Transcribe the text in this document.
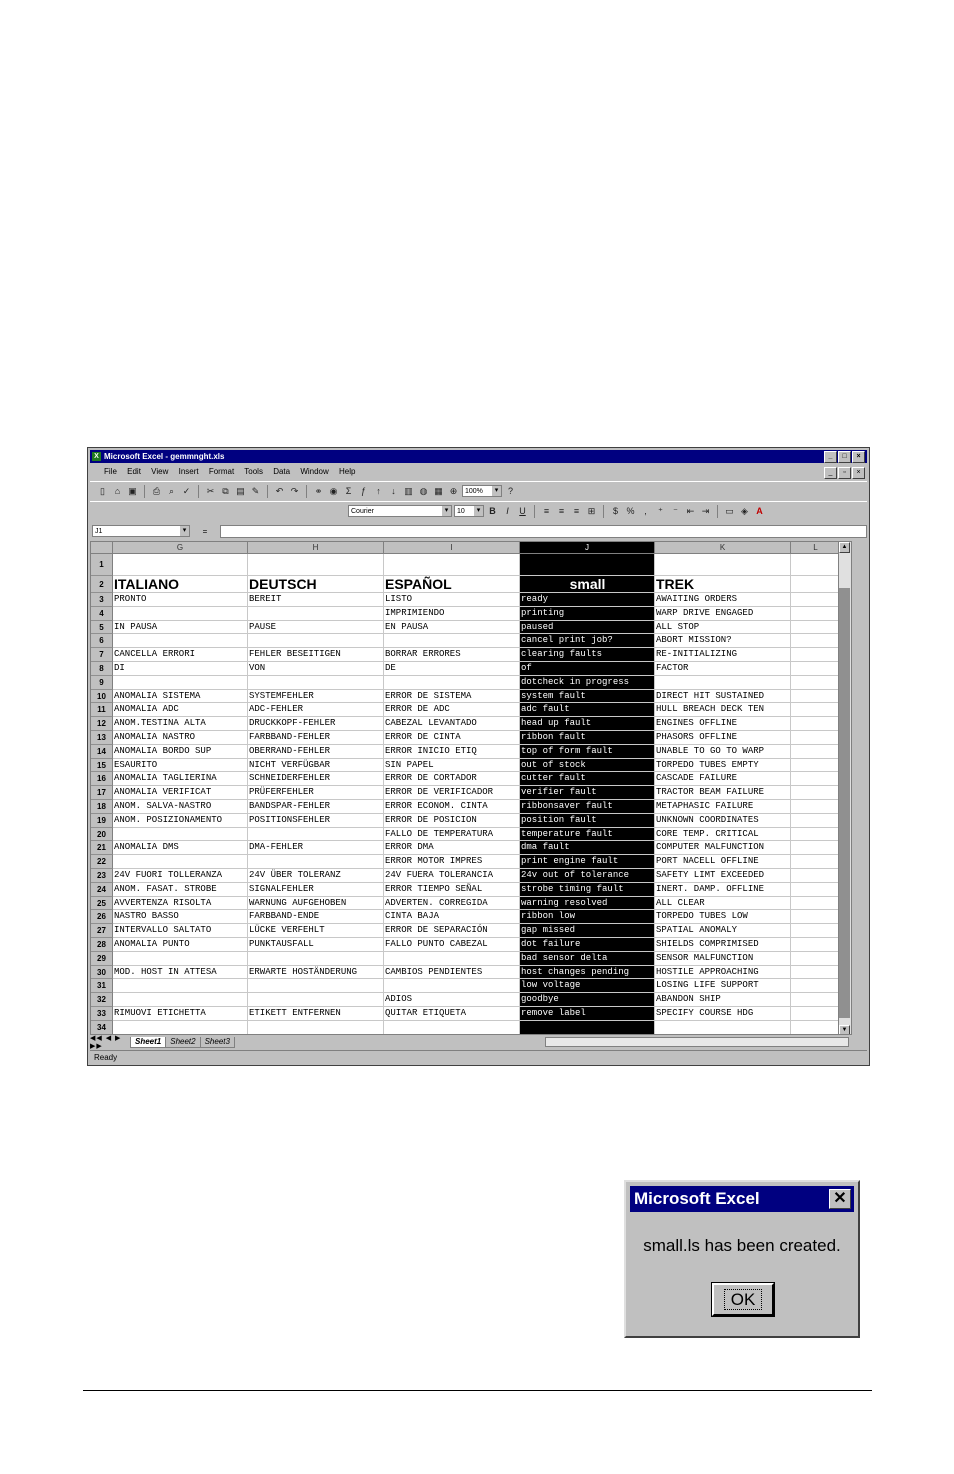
X Microsoft Excel - gemmnght.xls	_	□	×
File Edit View Insert Format Tools Data Window Help	_	▫	×
▯	⌂ ▣	⎙ ⌕ ✓	✂ ⧉ ▤ ✎	↶ ↷	⚭ ◉ Σ	ƒ	↑	↓ ▥ ◍ ▦ ⊕	100% ▾	?
Courier ▾	10 ▾	B	I	U	≡	≡	≡ ⊞	$ %	,	⁺	⁻ ⇤ ⇥	▭ ◈ A
J1 ▾	=
G	H	I	J	K	L
1
2 ITALIANO	DEUTSCH	ESPAÑOL	small	TREK
3	PRONTO	BEREIT	LISTO	ready	AWAITING ORDERS
4	IMPRIMIENDO	printing	WARP DRIVE ENGAGED
5	IN PAUSA	PAUSE	EN PAUSA	paused	ALL STOP
6	cancel print job?	ABORT MISSION?
7	CANCELLA ERRORI	FEHLER BESEITIGEN	BORRAR ERRORES	clearing faults	RE-INITIALIZING
8	DI	VON	DE	of	FACTOR
9	dotcheck in progress
10 ANOMALIA SISTEMA	SYSTEMFEHLER	ERROR DE SISTEMA	system fault	DIRECT HIT SUSTAINED
11 ANOMALIA ADC	ADC-FEHLER	ERROR DE ADC	adc fault	HULL BREACH DECK TEN
12 ANOM.TESTINA ALTA	DRUCKKOPF-FEHLER	CABEZAL LEVANTADO	head up fault	ENGINES OFFLINE
13 ANOMALIA NASTRO	FARBBAND-FEHLER	ERROR DE CINTA	ribbon fault	PHASORS OFFLINE
14 ANOMALIA BORDO SUP	OBERRAND-FEHLER	ERROR INICIO ETIQ	top of form fault	UNABLE TO GO TO WARP
15 ESAURITO	NICHT VERFÜGBAR	SIN PAPEL	out of stock	TORPEDO TUBES EMPTY
16 ANOMALIA TAGLIERINA	SCHNEIDERFEHLER	ERROR DE CORTADOR	cutter fault	CASCADE FAILURE
17 ANOMALIA VERIFICAT	PRÜFERFEHLER	ERROR DE VERIFICADOR	verifier fault	TRACTOR BEAM FAILURE
18 ANOM. SALVA-NASTRO	BANDSPAR-FEHLER	ERROR ECONOM. CINTA	ribbonsaver fault	METAPHASIC FAILURE
19 ANOM. POSIZIONAMENTO	POSITIONSFEHLER	ERROR DE POSICION	position fault	UNKNOWN COORDINATES
20	FALLO DE TEMPERATURA	temperature fault	CORE TEMP. CRITICAL
21 ANOMALIA DMS	DMA-FEHLER	ERROR DMA	dma fault	COMPUTER MALFUNCTION
22	ERROR MOTOR IMPRES	print engine fault	PORT NACELL OFFLINE
23 24V FUORI TOLLERANZA	24V ÜBER TOLERANZ	24V FUERA TOLERANCIA	24v out of tolerance	SAFETY LIMT EXCEEDED
24 ANOM. FASAT. STROBE	SIGNALFEHLER	ERROR TIEMPO SEÑAL	strobe timing fault	INERT. DAMP. OFFLINE
25 AVVERTENZA RISOLTA	WARNUNG AUFGEHOBEN	ADVERTEN. CORREGIDA	warning resolved	ALL CLEAR
26 NASTRO BASSO	FARBBAND-ENDE	CINTA BAJA	ribbon low	TORPEDO TUBES LOW
27 INTERVALLO SALTATO	LÜCKE VERFEHLT	ERROR DE SEPARACIÓN	gap missed	SPATIAL ANOMALY
28 ANOMALIA PUNTO	PUNKTAUSFALL	FALLO PUNTO CABEZAL	dot failure	SHIELDS COMPRIMISED
29	bad sensor delta	SENSOR MALFUNCTION
30 MOD. HOST IN ATTESA	ERWARTE HOSTÄNDERUNG	CAMBIOS PENDIENTES	host changes pending	HOSTILE APPROACHING
31	low voltage	LOSING LIFE SUPPORT
32	ADIOS	goodbye	ABANDON SHIP
33 RIMUOVI ETICHETTA	ETIKETT ENTFERNEN	QUITAR ETIQUETA	remove label	SPECIFY COURSE HDG
34
▲
▼
◀◀ ◀ ▶ ▶▶
Sheet1	Sheet2	Sheet3
Ready
Microsoft Excel	✕
small.ls has been created.
OK
